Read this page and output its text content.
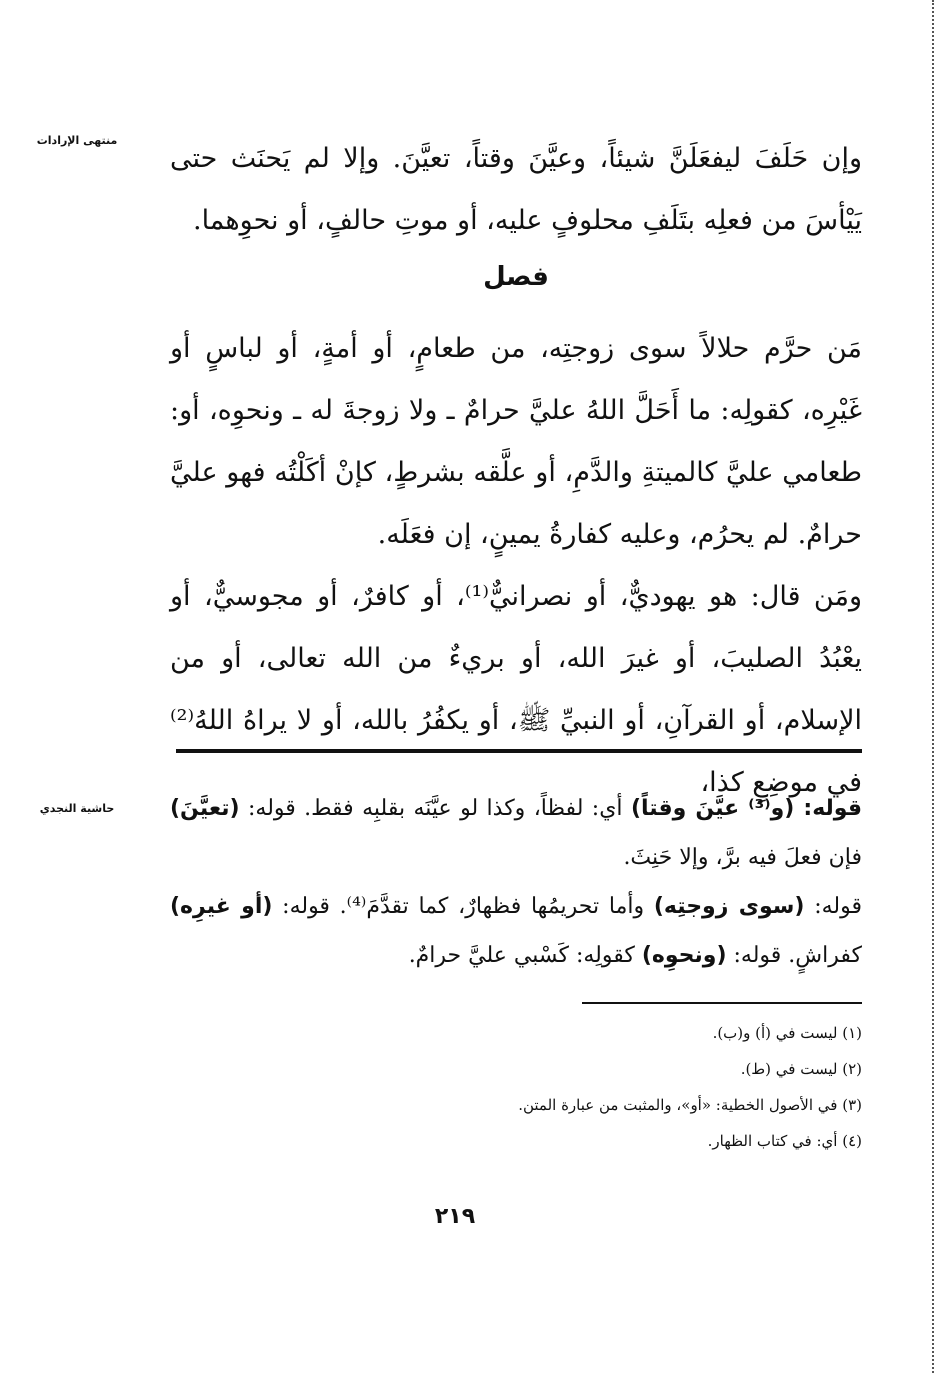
منتهى الإرادات

وإن حَلَفَ ليفعَلَنَّ شيئاً، وعيَّنَ وقتاً، تعيَّنَ. وإلا لم يَحنَث حتى يَيْأسَ من فعلِه بتَلَفِ محلوفٍ عليه، أو موتِ حالفٍ، أو نحوِهما.

فصل

مَن حرَّم حلالاً سوى زوجتِه، من طعامٍ، أو أمةٍ، أو لباسٍ أو غَيْرِه، كقولِه: ما أَحَلَّ اللهُ عليَّ حرامٌ ـ ولا زوجةَ له ـ ونحوِه، أو: طعامي عليَّ كالميتةِ والدَّمِ، أو علَّقه بشرطٍ، كإنْ أكَلْتُه فهو عليَّ حرامٌ. لم يحرُم، وعليه كفارةُ يمينٍ، إن فعَلَه.

ومَن قال: هو يهوديٌّ، أو نصرانيٌّ⁽¹⁾، أو كافرٌ، أو مجوسيٌّ، أو يعْبُدُ الصليبَ، أو غيرَ الله، أو بريءٌ من الله تعالى، أو من الإسلام، أو القرآنِ، أو النبيِّ ﷺ، أو يكفُرُ بالله، أو لا يراهُ اللهُ⁽²⁾ في موضِعِ كذا،

حاشية النجدي	قوله: (و⁽³⁾ عيَّنَ وقتاً) أي: لفظاً، وكذا لو عيَّنَه بقلبِه فقط. قوله: (تعيَّنَ) فإن فعلَ فيه برَّ، وإلا حَنِثَ.

قوله: (سوى زوجتِه) وأما تحريمُها فظهارٌ، كما تقدَّمَ⁽⁴⁾. قوله: (أو غيرِه) كفراشٍ. قوله: (ونحوِه) كقولِه: كَسْبي عليَّ حرامٌ.

(١) ليست في (أ) و(ب).

(٢) ليست في (ط).

(٣) في الأصول الخطية: «أو»، والمثبت من عبارة المتن.

(٤) أي: في كتاب الظهار.

٢١٩
